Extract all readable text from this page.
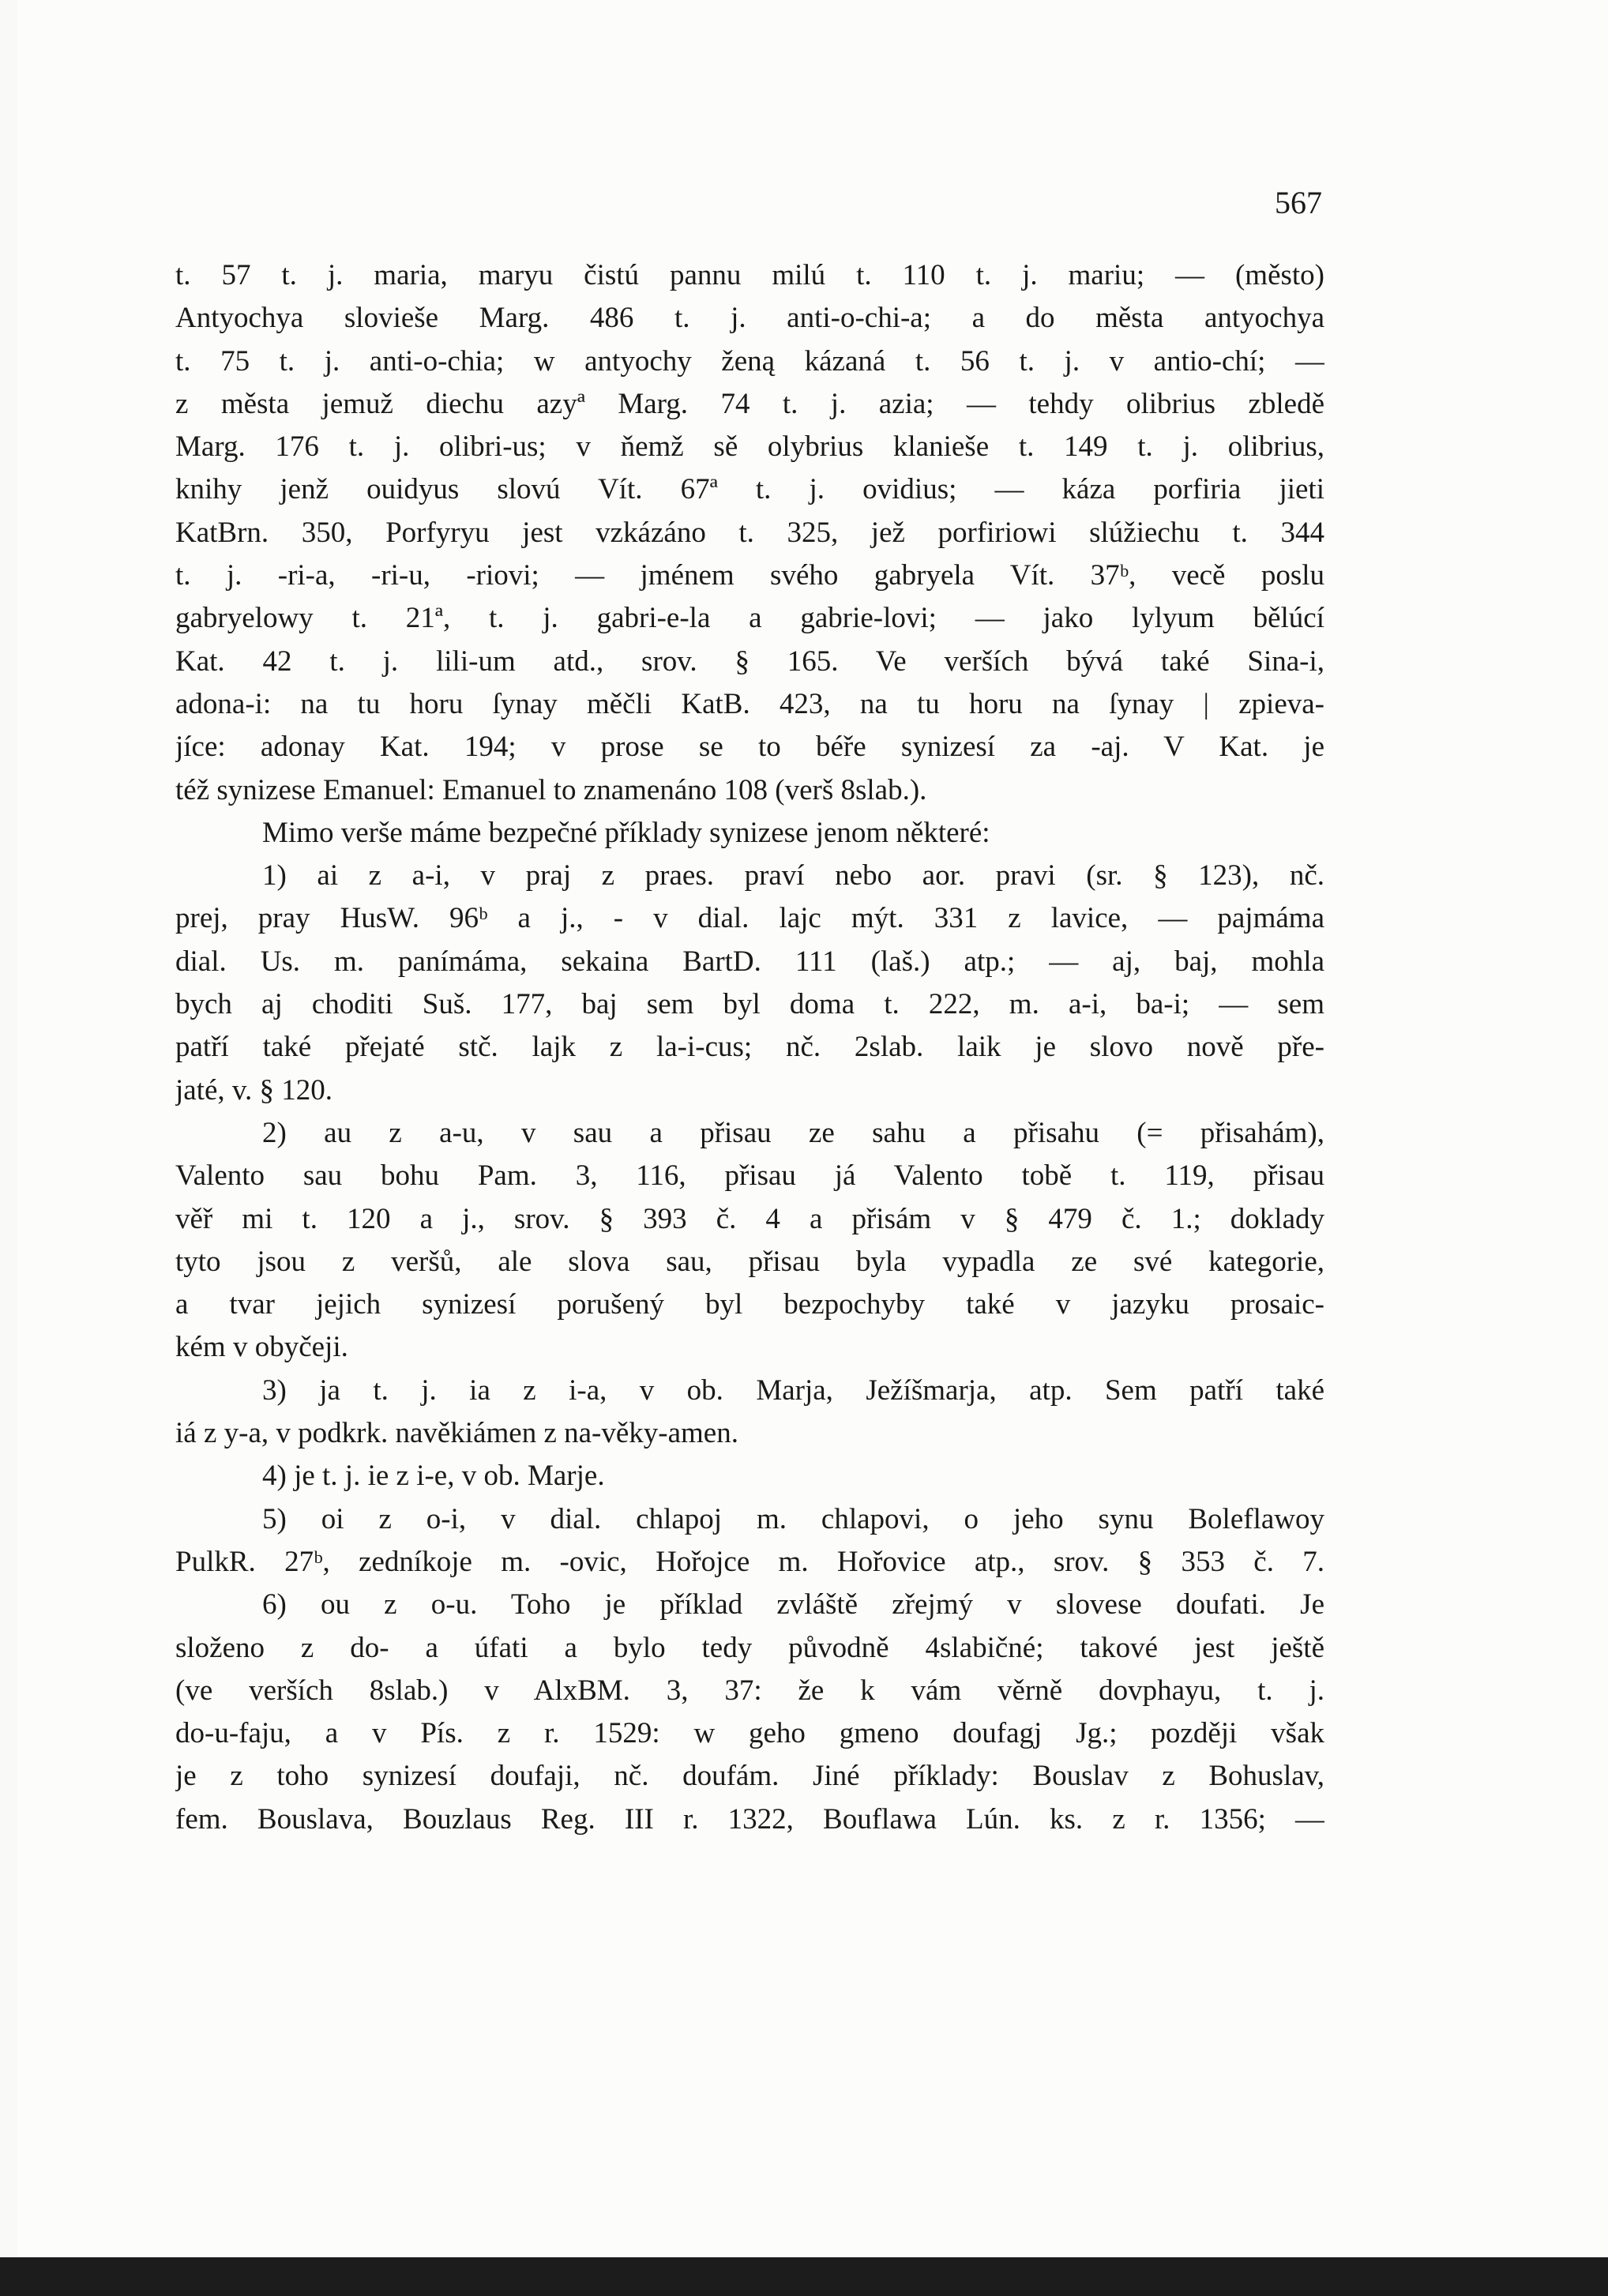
567
t. 57 t. j. maria, maryu čistú pannu milú t. 110 t. j. mariu; — (město)
Antyochya slovieše Marg. 486 t. j. anti-o-chi-a; a do města antyochya
t. 75 t. j. anti-o-chia; w antyochy ženą kázaná t. 56 t. j. v antio-chí; —
z města jemuž diechu azyª Marg. 74 t. j. azia; — tehdy olibrius zbledě
Marg. 176 t. j. olibri-us; v ňemž sě olybrius klanieše t. 149 t. j. olibrius,
knihy jenž ouidyus slovú Vít. 67ª t. j. ovidius; — káza porfiria jieti
KatBrn. 350, Porfyryu jest vzkázáno t. 325, jež porfiriowi slúžiechu t. 344
t. j. -ri-a, -ri-u, -riovi; — jménem svého gabryela Vít. 37ᵇ, vecě poslu
gabryelowy t. 21ª, t. j. gabri-e-la a gabrie-lovi; — jako lylyum bělúcí
Kat. 42 t. j. lili-um atd., srov. § 165. Ve verších bývá také Sina-i,
adona-i: na tu horu ſynay měčli KatB. 423, na tu horu na ſynay | zpieva-
jíce: adonay Kat. 194; v prose se to béře synizesí za -aj. V Kat. je
též synizese Emanuel: Emanuel to znamenáno 108 (verš 8slab.).
Mimo verše máme bezpečné příklady synizese jenom některé:
1) ai z a-i, v praj z praes. praví nebo aor. pravi (sr. § 123), nč.
prej, pray HusW. 96ᵇ a j., - v dial. lajc mýt. 331 z lavice, — pajmáma
dial. Us. m. panímáma, sekaina BartD. 111 (laš.) atp.; — aj, baj, mohla
bych aj choditi Suš. 177, baj sem byl doma t. 222, m. a-i, ba-i; — sem
patří také přejaté stč. lajk z la-i-cus; nč. 2slab. laik je slovo nově pře-
jaté, v. § 120.
2) au z a-u, v sau a přisau ze sahu a přisahu (= přisahám),
Valento sau bohu Pam. 3, 116, přisau já Valento tobě t. 119, přisau
věř mi t. 120 a j., srov. § 393 č. 4 a přisám v § 479 č. 1.; doklady
tyto jsou z veršů, ale slova sau, přisau byla vypadla ze své kategorie,
a tvar jejich synizesí porušený byl bezpochyby také v jazyku prosaic-
kém v obyčeji.
3) ja t. j. ia z i-a, v ob. Marja, Ježíšmarja, atp. Sem patří také
iá z y-a, v podkrk. navěkiámen z na-věky-amen.
4) je t. j. ie z i-e, v ob. Marje.
5) oi z o-i, v dial. chlapoj m. chlapovi, o jeho synu Boleflawoy
PulkR. 27ᵇ, zedníkoje m. -ovic, Hořojce m. Hořovice atp., srov. § 353 č. 7.
6) ou z o-u. Toho je příklad zvláště zřejmý v slovese doufati. Je
složeno z do- a úfati a bylo tedy původně 4slabičné; takové jest ještě
(ve verších 8slab.) v AlxBM. 3, 37: že k vám věrně dovphayu, t. j.
do-u-faju, a v Pís. z r. 1529: w geho gmeno doufagj Jg.; později však
je z toho synizesí doufaji, nč. doufám. Jiné příklady: Bouslav z Bohuslav,
fem. Bouslava, Bouzlaus Reg. III r. 1322, Bouflawa Lún. ks. z r. 1356; —
